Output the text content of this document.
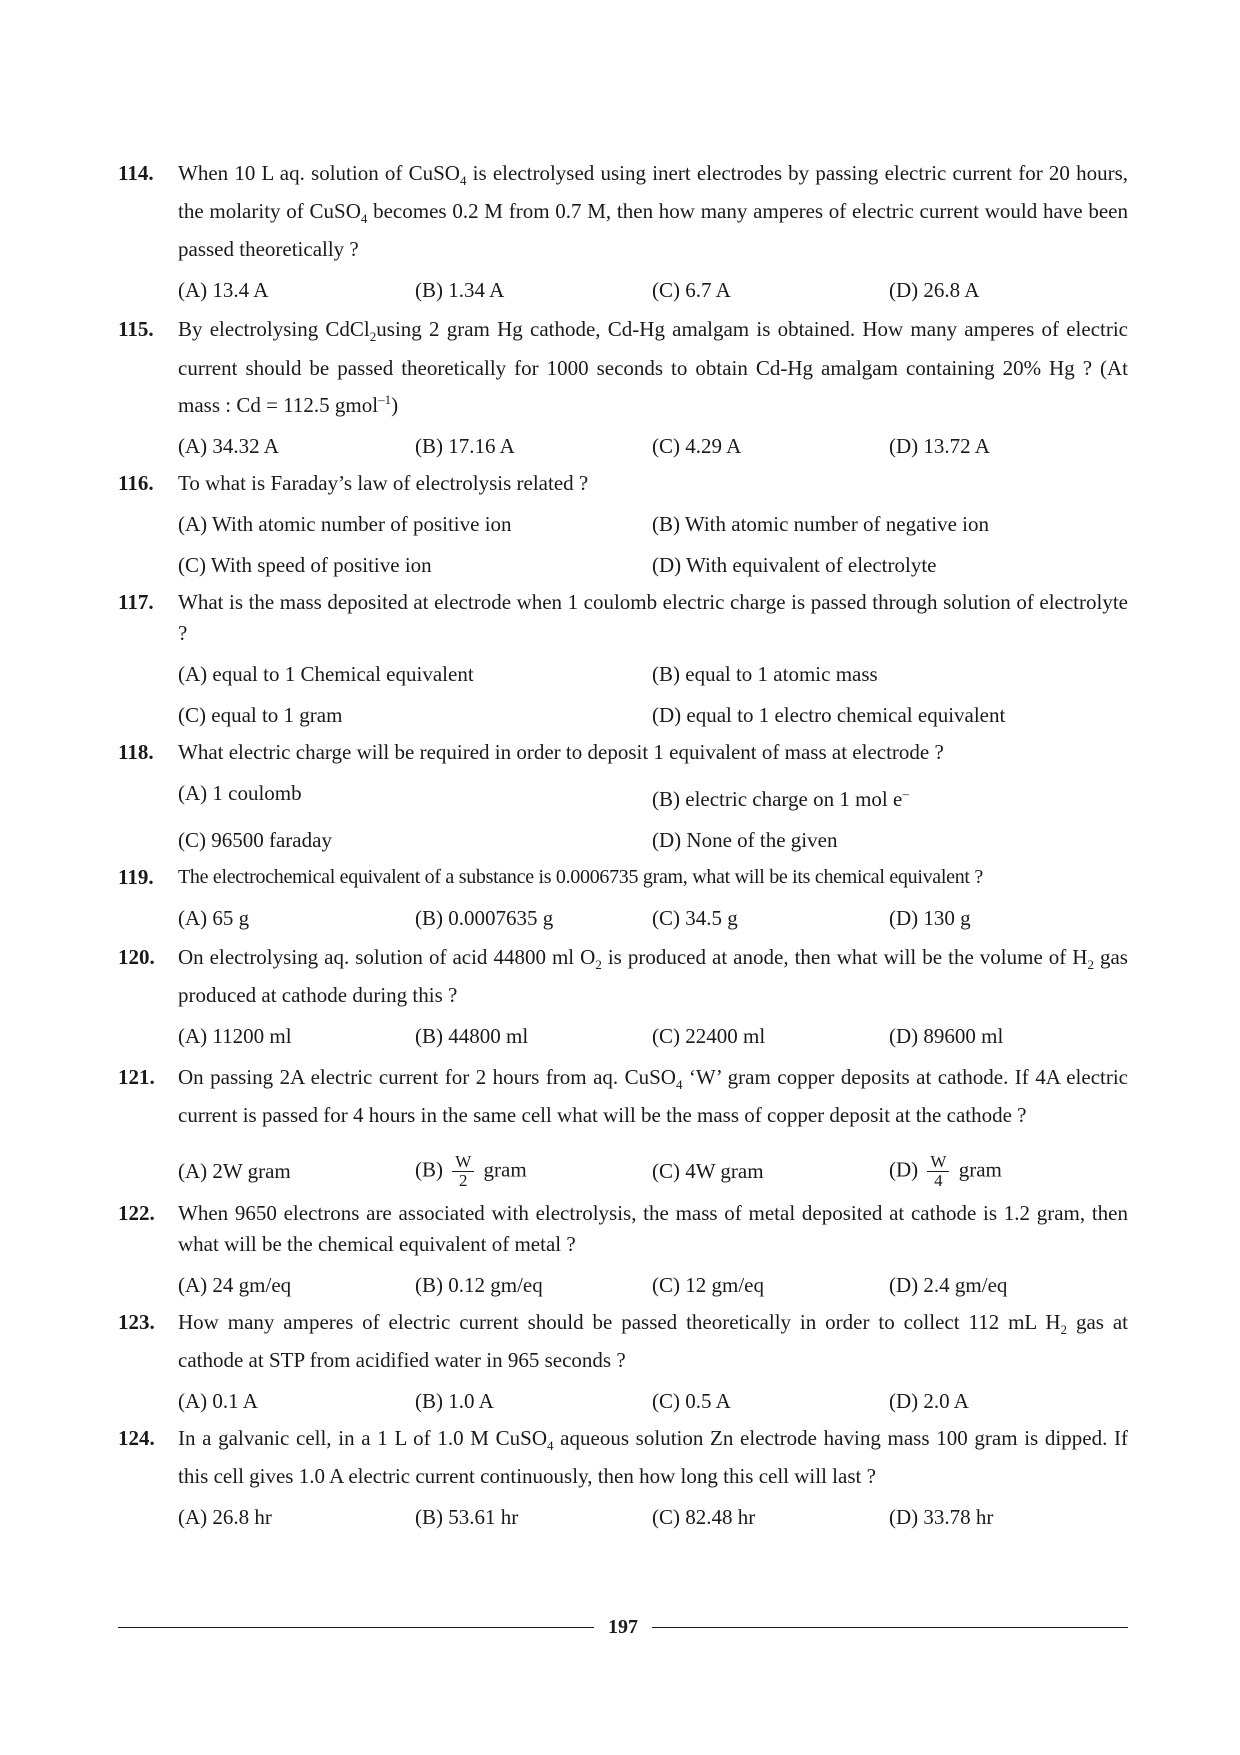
114.	When 10 L aq. solution of CuSO$_4$ is electrolysed using inert electrodes by passing electric current for 20 hours, the molarity of CuSO$_4$ becomes 0.2 M from 0.7 M, then how many amperes of electric current would have been passed theoretically ?
(A) 13.4 A	(B) 1.34 A	(C) 6.7 A	(D) 26.8 A
115.	By electrolysing CdCl$_2$using 2 gram Hg cathode, Cd-Hg amalgam is obtained. How many amperes of electric current should be passed theoretically for 1000 seconds to obtain Cd-Hg amalgam containing 20% Hg ? (At mass : Cd = 112.5 gmol$^{-1}$)
(A) 34.32 A	(B) 17.16 A	(C) 4.29 A	(D) 13.72 A
116.	To what is Faraday’s law of electrolysis related ?
(A) With atomic number of positive ion	(B) With atomic number of negative ion
(C) With speed of positive ion	(D) With equivalent of electrolyte
117.	What is the mass deposited at electrode when 1 coulomb electric charge is passed through solution of electrolyte ?
(A) equal to 1 Chemical equivalent	(B) equal to 1 atomic mass
(C) equal to 1 gram	(D) equal to 1 electro chemical equivalent
118.	What electric charge will be required in order to deposit 1 equivalent of mass at electrode ?
(A) 1 coulomb	(B) electric charge on 1 mol e–
(C) 96500 faraday	(D) None of the given
119.	The electrochemical equivalent of a substance is 0.0006735 gram, what will be its chemical equivalent ?
(A) 65 g	(B) 0.0007635 g	(C) 34.5 g	(D) 130 g
120.	On electrolysing aq. solution of acid 44800 ml $O_2$ is produced at anode, then what will be the volume of $H_2$ gas produced at cathode during this ?
(A) 11200 ml	(B) 44800 ml	(C) 22400 ml	(D) 89600 ml
121.	On passing 2A electric current for 2 hours from aq. CuSO$_4$ ‘W’ gram copper deposits at cathode. If 4A electric current is passed for 4 hours in the same cell what will be the mass of copper deposit at the cathode ?
(A) 2W gram	$(B) \frac{W}{2}$ gram	(C) 4W gram	$(D) \frac{W}{4}$ gram
122.	When 9650 electrons are associated with electrolysis, the mass of metal deposited at cathode is 1.2 gram, then what will be the chemical equivalent of metal ?
(A) 24 gm/eq	(B) 0.12 gm/eq	(C) 12 gm/eq	(D) 2.4 gm/eq
123.	How many amperes of electric current should be passed theoretically in order to collect 112 mL $H_2$ gas at cathode at STP from acidified water in 965 seconds ?
(A) 0.1 A	(B) 1.0 A	(C) 0.5 A	(D) 2.0 A
124.	In a galvanic cell, in a 1 L of 1.0 M CuSO$_4$ aqueous solution Zn electrode having mass 100 gram is dipped. If this cell gives 1.0 A electric current continuously, then how long this cell will last ?
(A) 26.8 hr	(B) 53.61 hr	(C) 82.48 hr	(D) 33.78 hr
197
